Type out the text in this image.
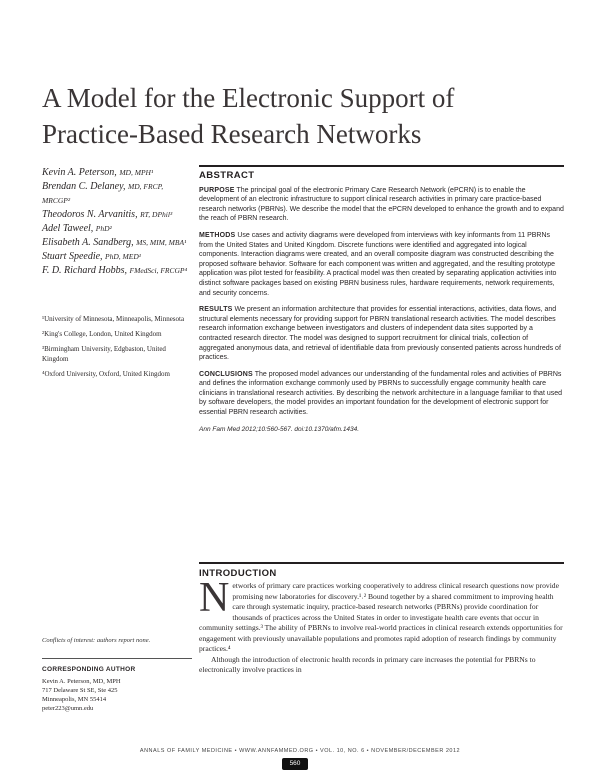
A Model for the Electronic Support of
Practice-Based Research Networks

Kevin A. Peterson, MD, MPH¹

Brendan C. Delaney, MD, FRCP, MRCGP²

Theodoros N. Arvanitis, RT, DPhil³

Adel Taweel, PhD²

Elisabeth A. Sandberg, MS, MIM, MBA¹

Stuart Speedie, PhD, MED¹

F. D. Richard Hobbs, FMedSci, FRCGP⁴

¹University of Minnesota, Minneapolis, Minnesota

²King's College, London, United Kingdom

³Birmingham University, Edgbaston, United Kingdom

⁴Oxford University, Oxford, United Kingdom

Conflicts of interest: authors report none.
CORRESPONDING AUTHOR
Kevin A. Peterson, MD, MPH
717 Delaware St SE, Ste 425
Minneapolis, MN 55414
peter223@umn.edu
ABSTRACT

PURPOSE The principal goal of the electronic Primary Care Research Network (ePCRN) is to enable the development of an electronic infrastructure to support clinical research activities in primary care practice-based research networks (PBRNs). We describe the model that the ePCRN developed to enhance the growth and to expand the reach of PBRN research.

METHODS Use cases and activity diagrams were developed from interviews with key informants from 11 PBRNs from the United States and United Kingdom. Discrete functions were identified and aggregated into logical components. Interaction diagrams were created, and an overall composite diagram was constructed describing the proposed software behavior. Software for each component was written and aggregated, and the resulting prototype application was pilot tested for feasibility. A practical model was then created by separating application activities into distinct software packages based on existing PBRN business rules, hardware requirements, network requirements, and security concerns.

RESULTS We present an information architecture that provides for essential interactions, activities, data flows, and structural elements necessary for providing support for PBRN translational research activities. The model describes research information exchange between investigators and clusters of independent data sites supported by a contracted research director. The model was designed to support recruitment for clinical trials, collection of aggregated anonymous data, and retrieval of identifiable data from previously consented patients across hundreds of practices.

CONCLUSIONS The proposed model advances our understanding of the fundamental roles and activities of PBRNs and defines the information exchange commonly used by PBRNs to successfully engage community health care clinicians in translational research activities. By describing the network architecture in a language familiar to that used by software developers, the model provides an important foundation for the development of electronic support for essential PBRN research activities.

Ann Fam Med 2012;10:560-567. doi:10.1370/afm.1434.

INTRODUCTION

Networks of primary care practices working cooperatively to address clinical research questions now provide promising new laboratories for discovery.¹˒² Bound together by a shared commitment to improving health care through systematic inquiry, practice-based research networks (PBRNs) provide coordination for thousands of practices across the United States in order to investigate health care events that occur in community settings.³ The ability of PBRNs to involve real-world practices in clinical research extends opportunities for engagement with previously unavailable populations and promotes rapid adoption of research findings by community practices.⁴

Although the introduction of electronic health records in primary care increases the potential for PBRNs to electronically involve practices in

ANNALS OF FAMILY MEDICINE • WWW.ANNFAMMED.ORG • VOL. 10, NO. 6 • NOVEMBER/DECEMBER 2012
560
